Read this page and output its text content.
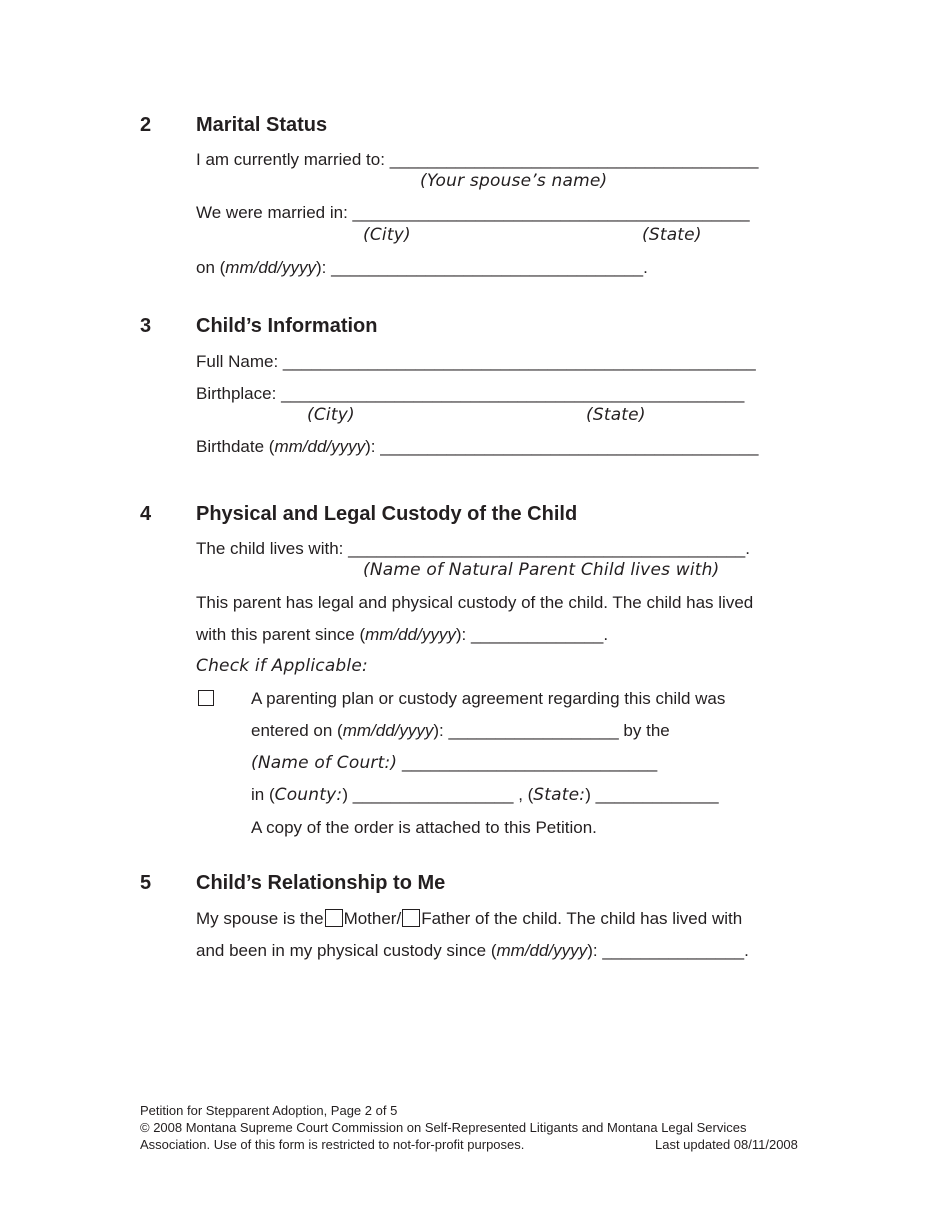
2 Marital Status
I am currently married to: _______________________________________
(Your spouse’s name)
We were married in: __________________________________________
(City)	(State)
on (mm/dd/yyyy): _________________________________.
3 Child’s Information
Full Name: __________________________________________________
Birthplace: _________________________________________________
(City)	(State)
Birthdate (mm/dd/yyyy): ________________________________________
4 Physical and Legal Custody of the Child
The child lives with: __________________________________________.
(Name of Natural Parent Child lives with)
This parent has legal and physical custody of the child. The child has lived
with this parent since (mm/dd/yyyy): ______________.
Check if Applicable:
A parenting plan or custody agreement regarding this child was
entered on (mm/dd/yyyy): __________________ by the
(Name of Court:) ___________________________
in (County:) _________________ , (State:) _____________
A copy of the order is attached to this Petition.
5 Child’s Relationship to Me
My spouse is the Mother/ Father of the child. The child has lived with
and been in my physical custody since (mm/dd/yyyy): _______________.
Petition for Stepparent Adoption, Page 2 of 5
© 2008 Montana Supreme Court Commission on Self-Represented Litigants and Montana Legal Services
Association. Use of this form is restricted to not-for-profit purposes.	Last updated 08/11/2008
